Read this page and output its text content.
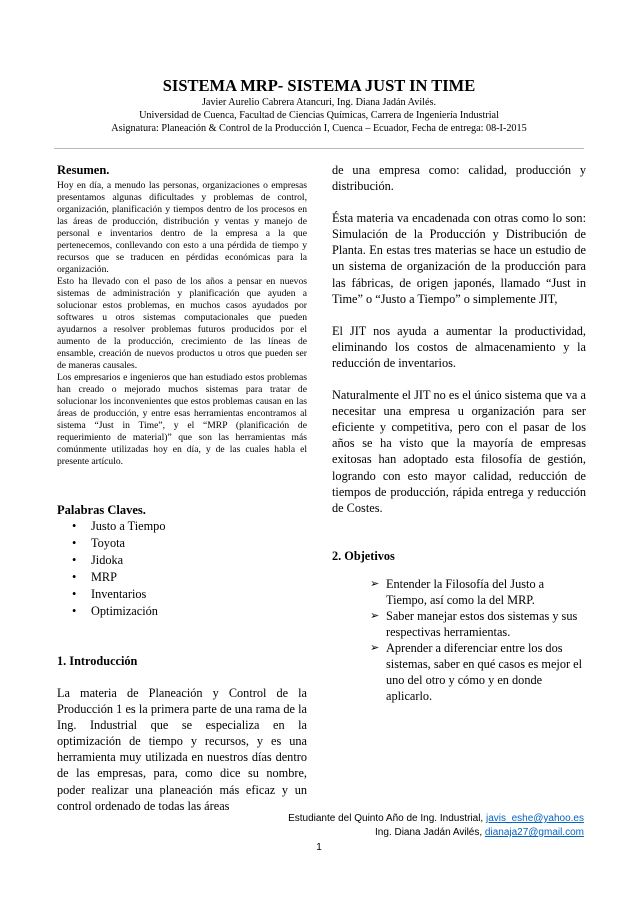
SISTEMA MRP- SISTEMA JUST IN TIME

Javier Aurelio Cabrera Atancuri, Ing. Diana Jadán Avilés.

Universidad de Cuenca, Facultad de Ciencias Químicas, Carrera de Ingeniería Industrial

Asignatura: Planeación & Control de la Producción I, Cuenca – Ecuador, Fecha de entrega: 08-I-2015

Resumen.

Hoy en día, a menudo las personas, organizaciones o empresas presentamos algunas dificultades y problemas de control, organización, planificación y tiempos dentro de los procesos en las áreas de producción, distribución y ventas y manejo de personal e inventarios dentro de la empresa a la que pertenecemos, conllevando con esto a una pérdida de tiempo y recursos que se traducen en pérdidas económicas para la organización.

Esto ha llevado con el paso de los años a pensar en nuevos sistemas de administración y planificación que ayuden a solucionar estos problemas, en muchos casos ayudados por softwares u otros sistemas computacionales que pueden ayudarnos a resolver problemas futuros producidos por el aumento de la producción, crecimiento de las líneas de ensamble, creación de nuevos productos u otros que pueden ser de maneras causales.

Los empresarios e ingenieros que han estudiado estos problemas han creado o mejorado muchos sistemas para tratar de solucionar los inconvenientes que estos problemas causan en las áreas de producción, y entre esas herramientas encontramos al sistema “Just in Time”, y el “MRP (planificación de requerimiento de material)” que son las herramientas más comúnmente utilizadas hoy en día, y de las cuales habla el presente artículo.

Palabras Claves.

• Justo a Tiempo
• Toyota
• Jidoka
• MRP
• Inventarios
• Optimización

1. Introducción

La materia de Planeación y Control de la Producción 1 es la primera parte de una rama de la Ing. Industrial que se especializa en la optimización de tiempo y recursos, y es una herramienta muy utilizada en nuestros días dentro de las empresas, para, como dice su nombre, poder realizar una planeación más eficaz y un control ordenado de todas las áreas

de una empresa como: calidad, producción y distribución.

Ésta materia va encadenada con otras como lo son: Simulación de la Producción y Distribución de Planta. En estas tres materias se hace un estudio de un sistema de organización de la producción para las fábricas, de origen japonés, llamado “Just in Time” o “Justo a Tiempo” o simplemente JIT,

El JIT nos ayuda a aumentar la productividad, eliminando los costos de almacenamiento y la reducción de inventarios.

Naturalmente el JIT no es el único sistema que va a necesitar una empresa u organización para ser eficiente y competitiva, pero con el pasar de los años se ha visto que la mayoría de empresas exitosas han adoptado esta filosofía de gestión, logrando con esto mayor calidad, reducción de tiempos de producción, rápida entrega y reducción de Costes.

2. Objetivos

➢ Entender la Filosofía del Justo a Tiempo, así como la del MRP.
➢ Saber manejar estos dos sistemas y sus respectivas herramientas.
➢ Aprender a diferenciar entre los dos sistemas, saber en qué casos es mejor el uno del otro y cómo y en donde aplicarlo.
Estudiante del Quinto Año de Ing. Industrial, javis_eshe@yahoo.es
Ing. Diana Jadán Avilés, dianaja27@gmail.com
1
